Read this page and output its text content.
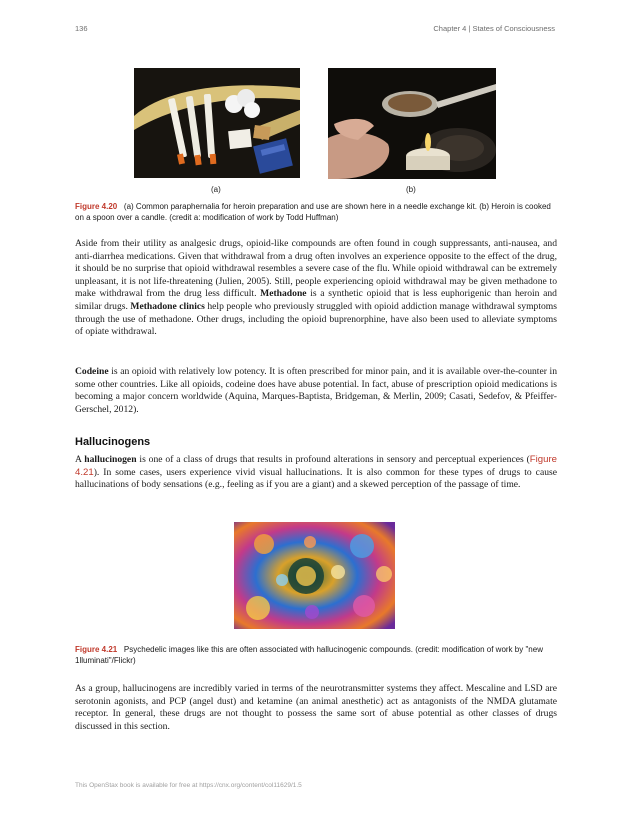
136	Chapter 4 | States of Consciousness
(a)	(b)
Figure 4.20 (a) Common paraphernalia for heroin preparation and use are shown here in a needle exchange kit. (b) Heroin is cooked on a spoon over a candle. (credit a: modification of work by Todd Huffman)
Aside from their utility as analgesic drugs, opioid-like compounds are often found in cough suppressants, anti-nausea, and anti-diarrhea medications. Given that withdrawal from a drug often involves an experience opposite to the effect of the drug, it should be no surprise that opioid withdrawal resembles a severe case of the flu. While opioid withdrawal can be extremely unpleasant, it is not life-threatening (Julien, 2005). Still, people experiencing opioid withdrawal may be given methadone to make withdrawal from the drug less difficult. Methadone is a synthetic opioid that is less euphorigenic than heroin and similar drugs. Methadone clinics help people who previously struggled with opioid addiction manage withdrawal symptoms through the use of methadone. Other drugs, including the opioid buprenorphine, have also been used to alleviate symptoms of opiate withdrawal.
Codeine is an opioid with relatively low potency. It is often prescribed for minor pain, and it is available over-the-counter in some other countries. Like all opioids, codeine does have abuse potential. In fact, abuse of prescription opioid medications is becoming a major concern worldwide (Aquina, Marques-Baptista, Bridgeman, & Merlin, 2009; Casati, Sedefov, & Pfeiffer-Gerschel, 2012).
Hallucinogens
A hallucinogen is one of a class of drugs that results in profound alterations in sensory and perceptual experiences (Figure 4.21). In some cases, users experience vivid visual hallucinations. It is also common for these types of drugs to cause hallucinations of body sensations (e.g., feeling as if you are a giant) and a skewed perception of the passage of time.
Figure 4.21 Psychedelic images like this are often associated with hallucinogenic compounds. (credit: modification of work by "new 1lluminati"/Flickr)
As a group, hallucinogens are incredibly varied in terms of the neurotransmitter systems they affect. Mescaline and LSD are serotonin agonists, and PCP (angel dust) and ketamine (an animal anesthetic) act as antagonists of the NMDA glutamate receptor. In general, these drugs are not thought to possess the same sort of abuse potential as other classes of drugs discussed in this section.
This OpenStax book is available for free at https://cnx.org/content/col11629/1.5
